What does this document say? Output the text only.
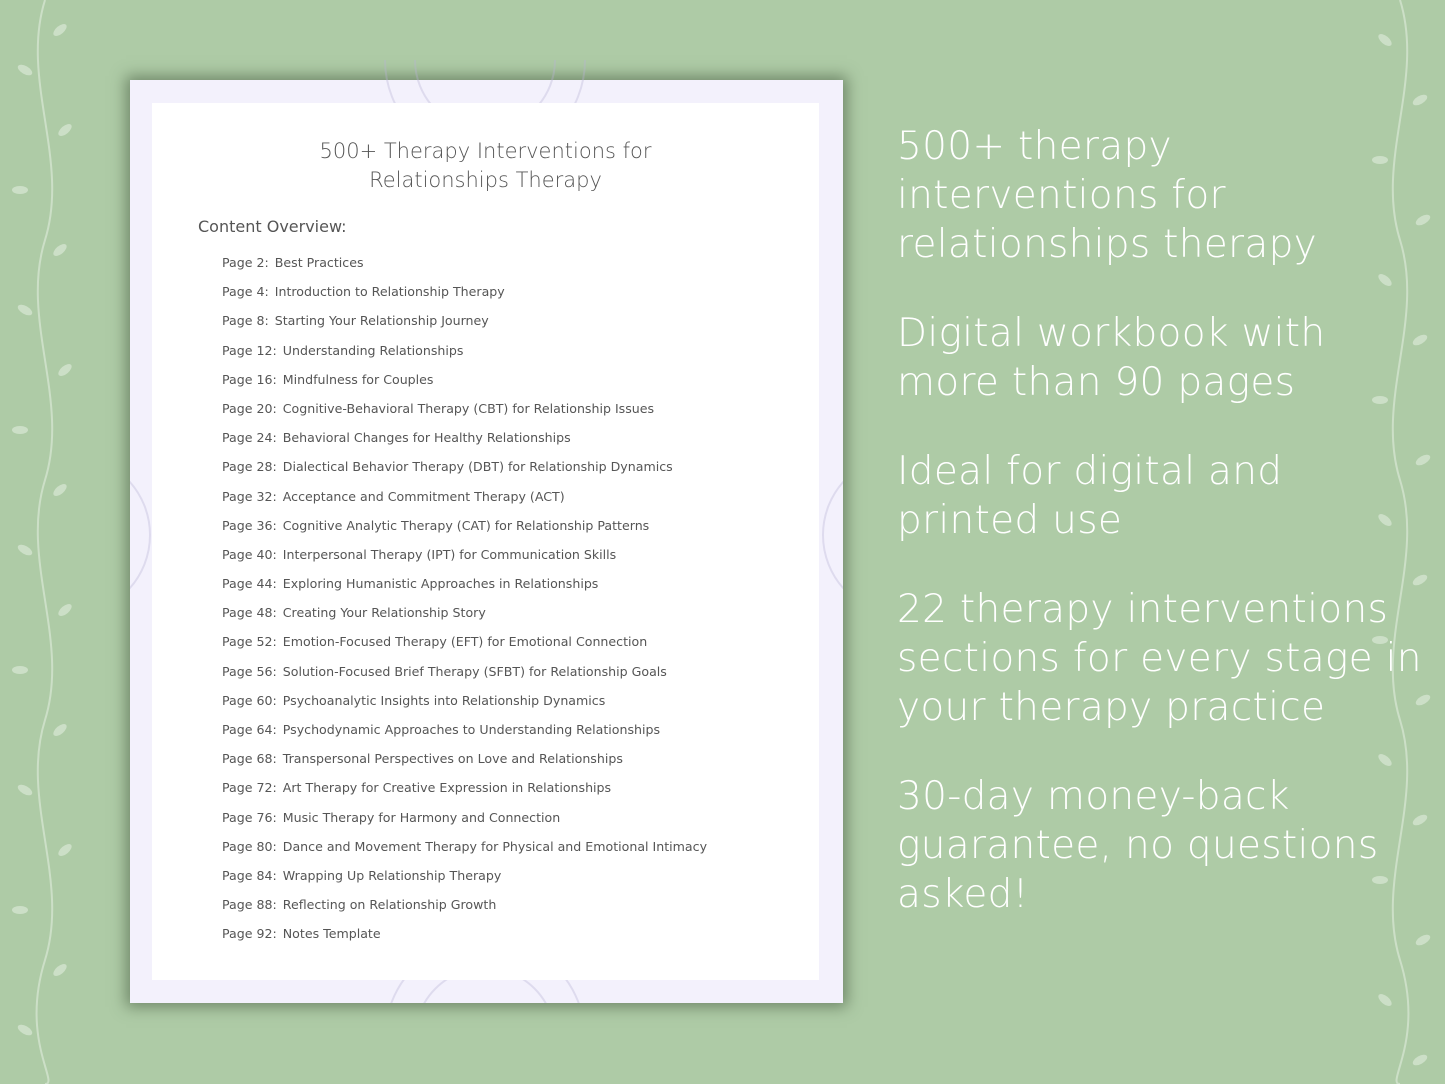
500+ Therapy Interventions for
Relationships Therapy
Content Overview:
Page 2: Best Practices
Page 4: Introduction to Relationship Therapy
Page 8: Starting Your Relationship Journey
Page 12: Understanding Relationships
Page 16: Mindfulness for Couples
Page 20: Cognitive-Behavioral Therapy (CBT) for Relationship Issues
Page 24: Behavioral Changes for Healthy Relationships
Page 28: Dialectical Behavior Therapy (DBT) for Relationship Dynamics
Page 32: Acceptance and Commitment Therapy (ACT)
Page 36: Cognitive Analytic Therapy (CAT) for Relationship Patterns
Page 40: Interpersonal Therapy (IPT) for Communication Skills
Page 44: Exploring Humanistic Approaches in Relationships
Page 48: Creating Your Relationship Story
Page 52: Emotion-Focused Therapy (EFT) for Emotional Connection
Page 56: Solution-Focused Brief Therapy (SFBT) for Relationship Goals
Page 60: Psychoanalytic Insights into Relationship Dynamics
Page 64: Psychodynamic Approaches to Understanding Relationships
Page 68: Transpersonal Perspectives on Love and Relationships
Page 72: Art Therapy for Creative Expression in Relationships
Page 76: Music Therapy for Harmony and Connection
Page 80: Dance and Movement Therapy for Physical and Emotional Intimacy
Page 84: Wrapping Up Relationship Therapy
Page 88: Reflecting on Relationship Growth
Page 92: Notes Template
500+ therapy interventions for relationships therapy
Digital workbook with more than 90 pages
Ideal for digital and printed use
22 therapy interventions sections for every stage in your therapy practice
30-day money-back guarantee, no questions asked!
